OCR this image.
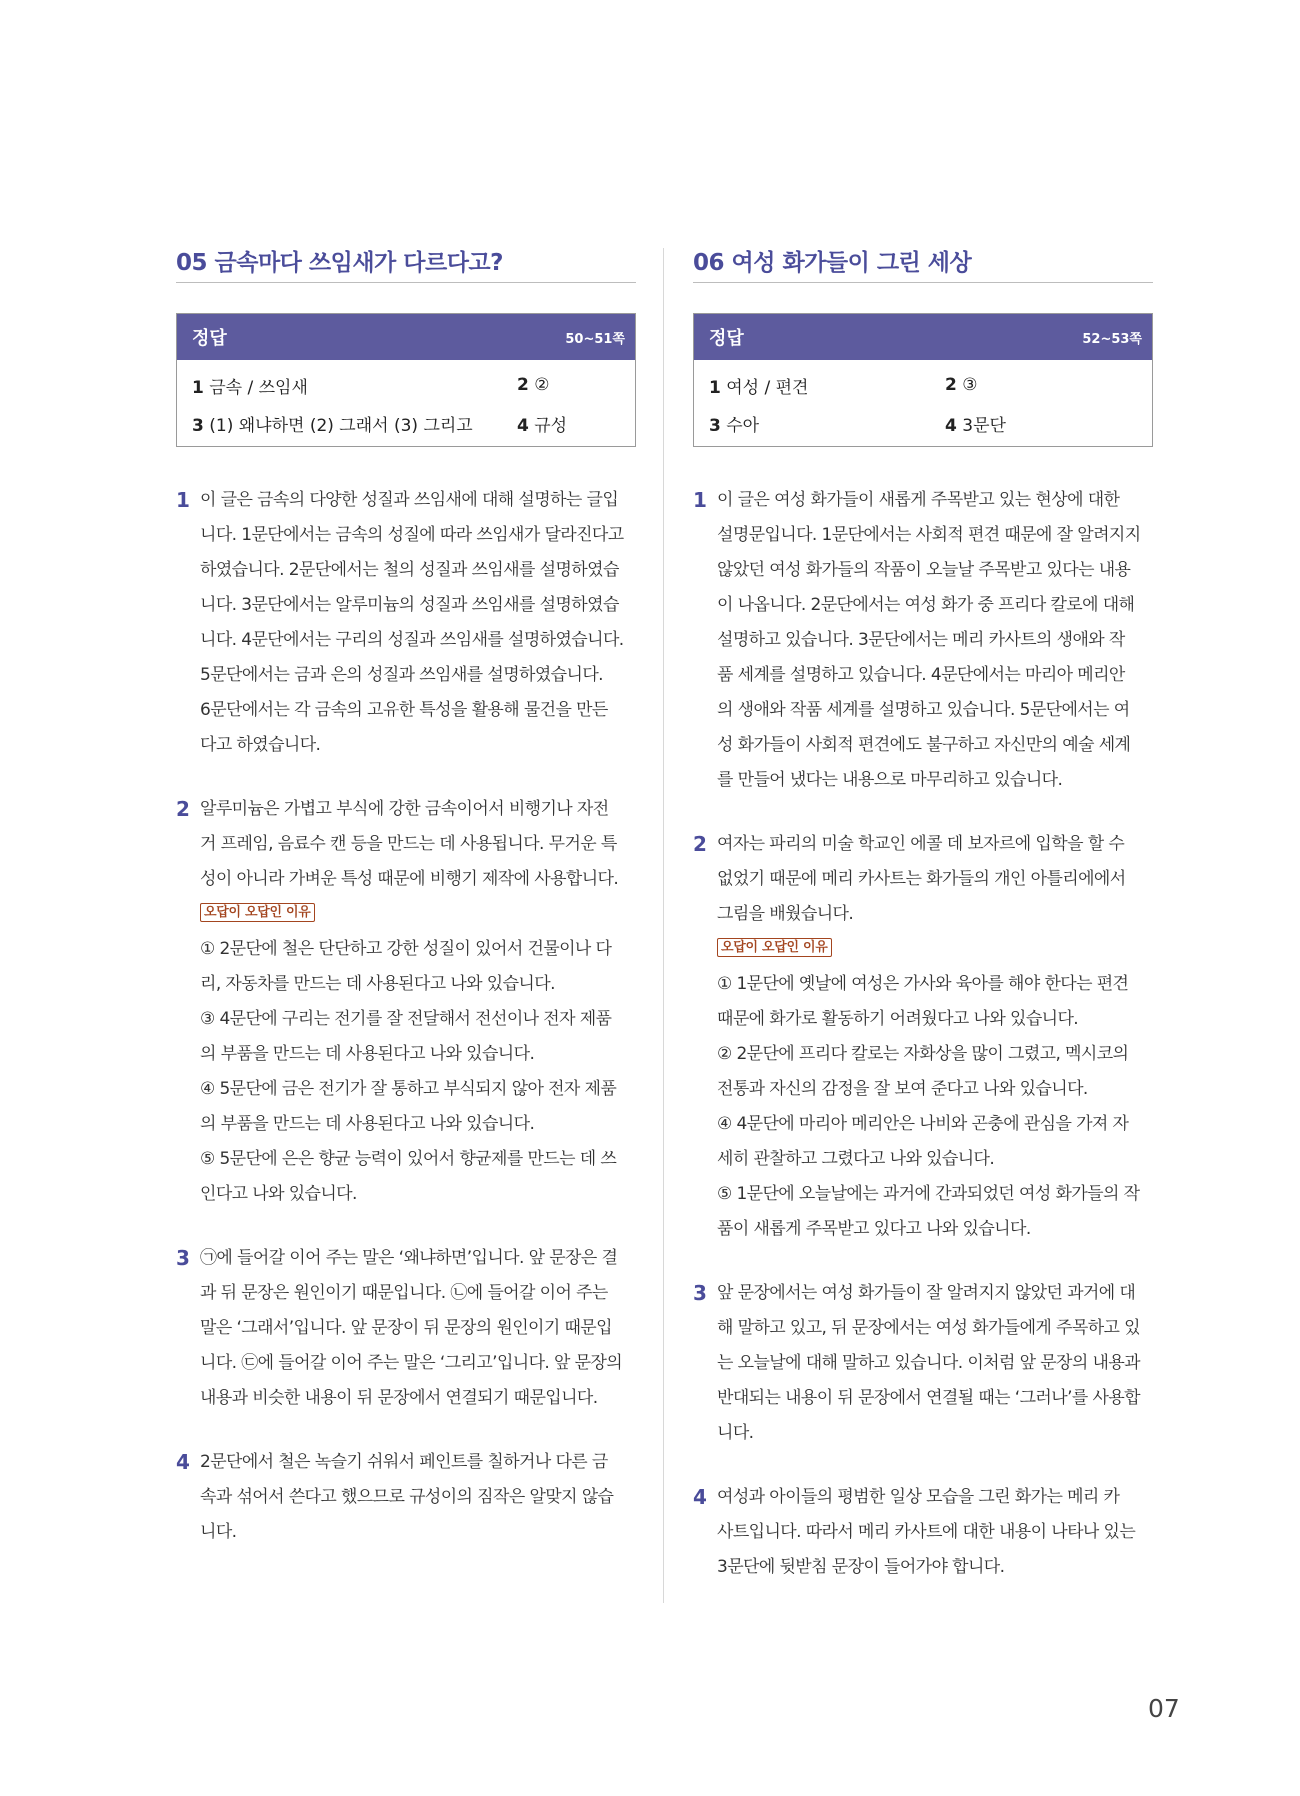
05 금속마다 쓰임새가 다르다고?
정답	50~51쪽
1 금속 / 쓰임새	2 ②
3 (1) 왜냐하면 (2) 그래서 (3) 그리고	4 규성
1 이 글은 금속의 다양한 성질과 쓰임새에 대해 설명하는 글입

니다. 1문단에서는 금속의 성질에 따라 쓰임새가 달라진다고

하였습니다. 2문단에서는 철의 성질과 쓰임새를 설명하였습

니다. 3문단에서는 알루미늄의 성질과 쓰임새를 설명하였습

니다. 4문단에서는 구리의 성질과 쓰임새를 설명하였습니다.

5문단에서는 금과 은의 성질과 쓰임새를 설명하였습니다.

6문단에서는 각 금속의 고유한 특성을 활용해 물건을 만든

다고 하였습니다.

2 알루미늄은 가볍고 부식에 강한 금속이어서 비행기나 자전

거 프레임, 음료수 캔 등을 만드는 데 사용됩니다. 무거운 특

성이 아니라 가벼운 특성 때문에 비행기 제작에 사용합니다.

오답이 오답인 이유

① 2문단에 철은 단단하고 강한 성질이 있어서 건물이나 다

리, 자동차를 만드는 데 사용된다고 나와 있습니다.

③ 4문단에 구리는 전기를 잘 전달해서 전선이나 전자 제품

의 부품을 만드는 데 사용된다고 나와 있습니다.

④ 5문단에 금은 전기가 잘 통하고 부식되지 않아 전자 제품

의 부품을 만드는 데 사용된다고 나와 있습니다.

⑤ 5문단에 은은 향균 능력이 있어서 향균제를 만드는 데 쓰

인다고 나와 있습니다.

3 ㉠에 들어갈 이어 주는 말은 ‘왜냐하면’입니다. 앞 문장은 결

과 뒤 문장은 원인이기 때문입니다. ㉡에 들어갈 이어 주는

말은 ‘그래서’입니다. 앞 문장이 뒤 문장의 원인이기 때문입

니다. ㉢에 들어갈 이어 주는 말은 ‘그리고’입니다. 앞 문장의

내용과 비슷한 내용이 뒤 문장에서 연결되기 때문입니다.

4 2문단에서 철은 녹슬기 쉬워서 페인트를 칠하거나 다른 금

속과 섞어서 쓴다고 했으므로 규성이의 짐작은 알맞지 않습

니다.

06 여성 화가들이 그린 세상
정답	52~53쪽
1 여성 / 편견	2 ③
3 수아	4 3문단
1 이 글은 여성 화가들이 새롭게 주목받고 있는 현상에 대한

설명문입니다. 1문단에서는 사회적 편견 때문에 잘 알려지지

않았던 여성 화가들의 작품이 오늘날 주목받고 있다는 내용

이 나옵니다. 2문단에서는 여성 화가 중 프리다 칼로에 대해

설명하고 있습니다. 3문단에서는 메리 카사트의 생애와 작

품 세계를 설명하고 있습니다. 4문단에서는 마리아 메리안

의 생애와 작품 세계를 설명하고 있습니다. 5문단에서는 여

성 화가들이 사회적 편견에도 불구하고 자신만의 예술 세계

를 만들어 냈다는 내용으로 마무리하고 있습니다.

2 여자는 파리의 미술 학교인 에콜 데 보자르에 입학을 할 수

없었기 때문에 메리 카사트는 화가들의 개인 아틀리에에서

그림을 배웠습니다.

오답이 오답인 이유

① 1문단에 옛날에 여성은 가사와 육아를 해야 한다는 편견

때문에 화가로 활동하기 어려웠다고 나와 있습니다.

② 2문단에 프리다 칼로는 자화상을 많이 그렸고, 멕시코의

전통과 자신의 감정을 잘 보여 준다고 나와 있습니다.

④ 4문단에 마리아 메리안은 나비와 곤충에 관심을 가져 자

세히 관찰하고 그렸다고 나와 있습니다.

⑤ 1문단에 오늘날에는 과거에 간과되었던 여성 화가들의 작

품이 새롭게 주목받고 있다고 나와 있습니다.

3 앞 문장에서는 여성 화가들이 잘 알려지지 않았던 과거에 대

해 말하고 있고, 뒤 문장에서는 여성 화가들에게 주목하고 있

는 오늘날에 대해 말하고 있습니다. 이처럼 앞 문장의 내용과

반대되는 내용이 뒤 문장에서 연결될 때는 ‘그러나’를 사용합

니다.

4 여성과 아이들의 평범한 일상 모습을 그린 화가는 메리 카

사트입니다. 따라서 메리 카사트에 대한 내용이 나타나 있는

3문단에 뒷받침 문장이 들어가야 합니다.

07
